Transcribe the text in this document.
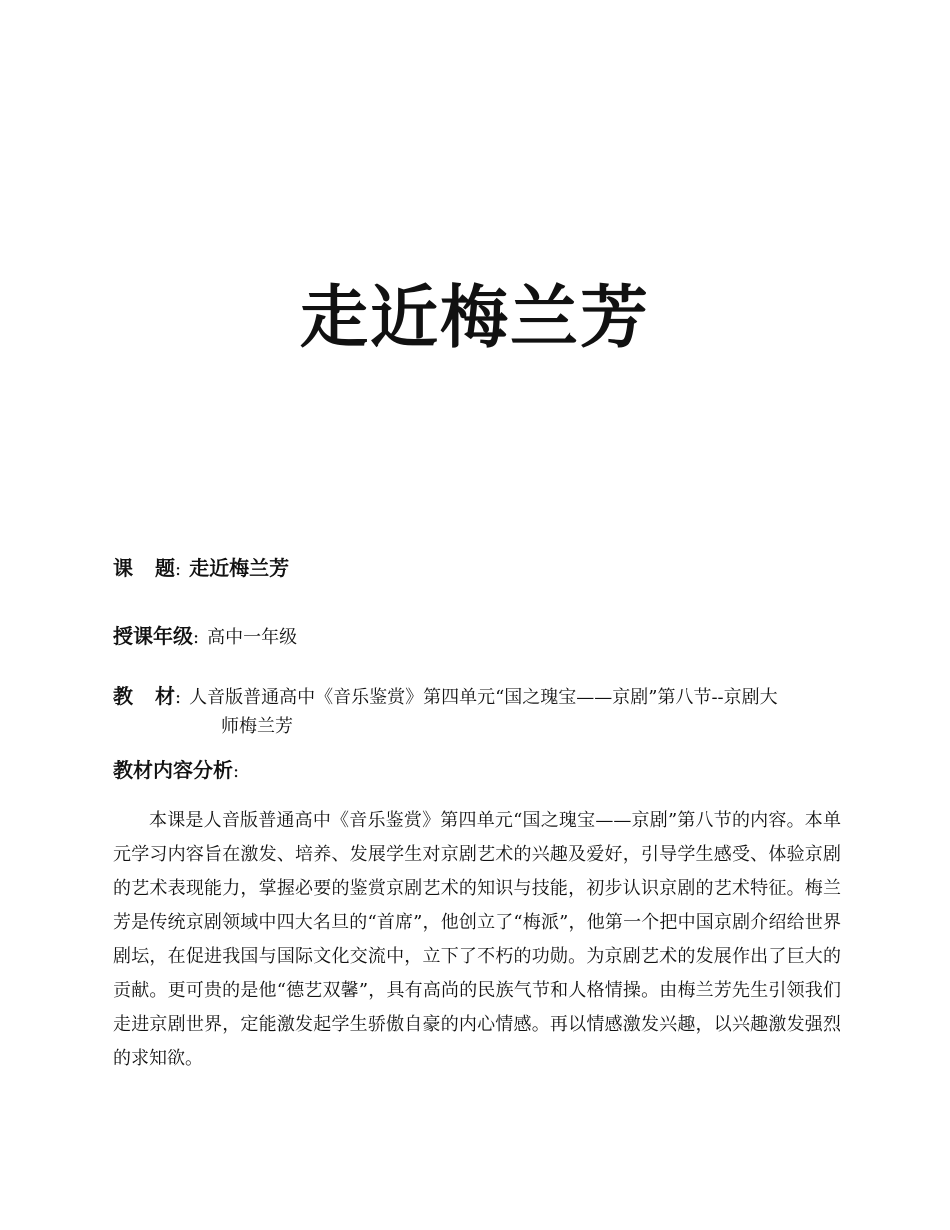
走近梅兰芳
课 题: 走近梅兰芳
授课年级: 高中一年级
教 材: 人音版普通高中《音乐鉴赏》第四单元“国之瑰宝——京剧”第八节--京剧大
师梅兰芳
教材内容分析:

本课是人音版普通高中《音乐鉴赏》第四单元“国之瑰宝——京剧”第八节的内容。本单元学习内容旨在激发、培养、发展学生对京剧艺术的兴趣及爱好，引导学生感受、体验京剧的艺术表现能力，掌握必要的鉴赏京剧艺术的知识与技能，初步认识京剧的艺术特征。梅兰芳是传统京剧领域中四大名旦的“首席”，他创立了“梅派”，他第一个把中国京剧介绍给世界剧坛，在促进我国与国际文化交流中，立下了不朽的功勋。为京剧艺术的发展作出了巨大的贡献。更可贵的是他“德艺双馨”，具有高尚的民族气节和人格情操。由梅兰芳先生引领我们走进京剧世界，定能激发起学生骄傲自豪的内心情感。再以情感激发兴趣，以兴趣激发强烈的求知欲。
